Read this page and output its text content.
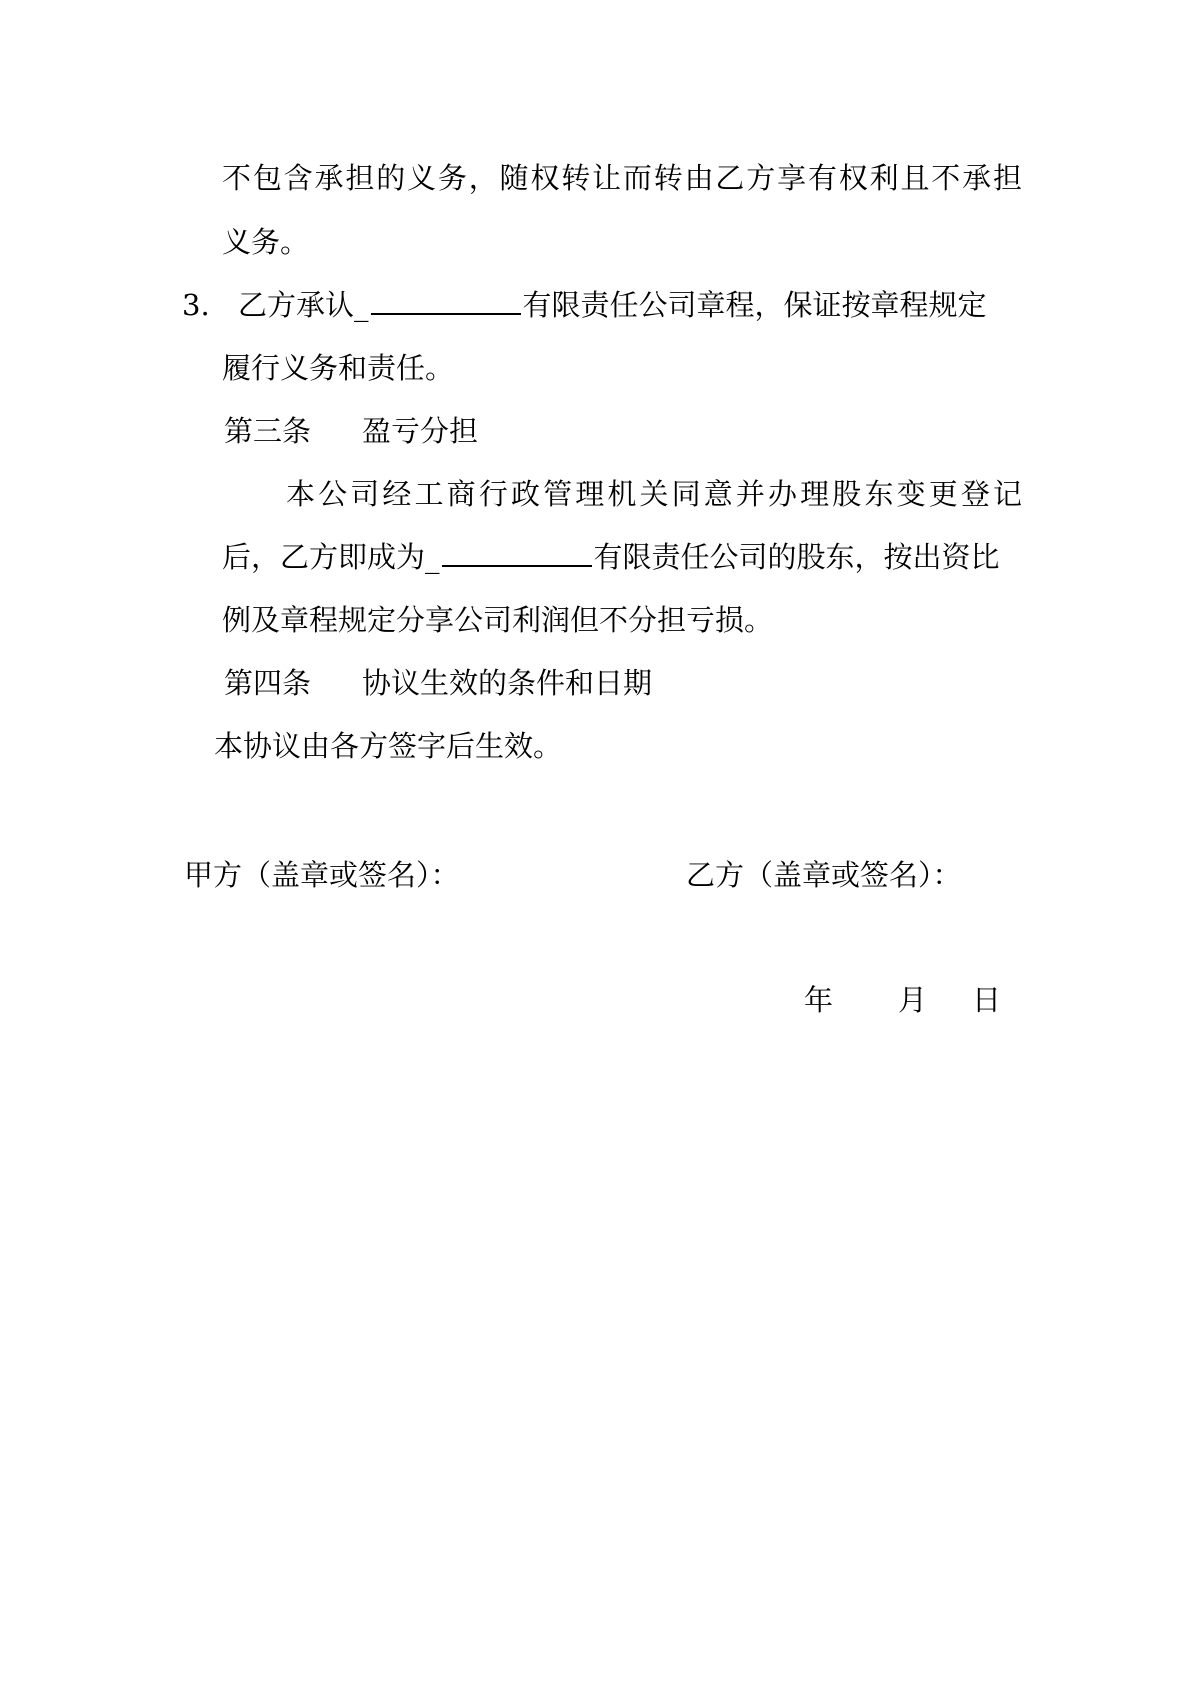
不包含承担的义务，随权转让而转由乙方享有权利且不承担
义务。
3. 乙方承认_	有限责任公司章程，保证按章程规定
履行义务和责任。
第三条 盈亏分担
本公司经工商行政管理机关同意并办理股东变更登记
后，乙方即成为_	有限责任公司的股东，按出资比
例及章程规定分享公司利润但不分担亏损。
第四条 协议生效的条件和日期
本协议由各方签字后生效。
甲方（盖章或签名）：	乙方（盖章或签名）：
年 月 日
